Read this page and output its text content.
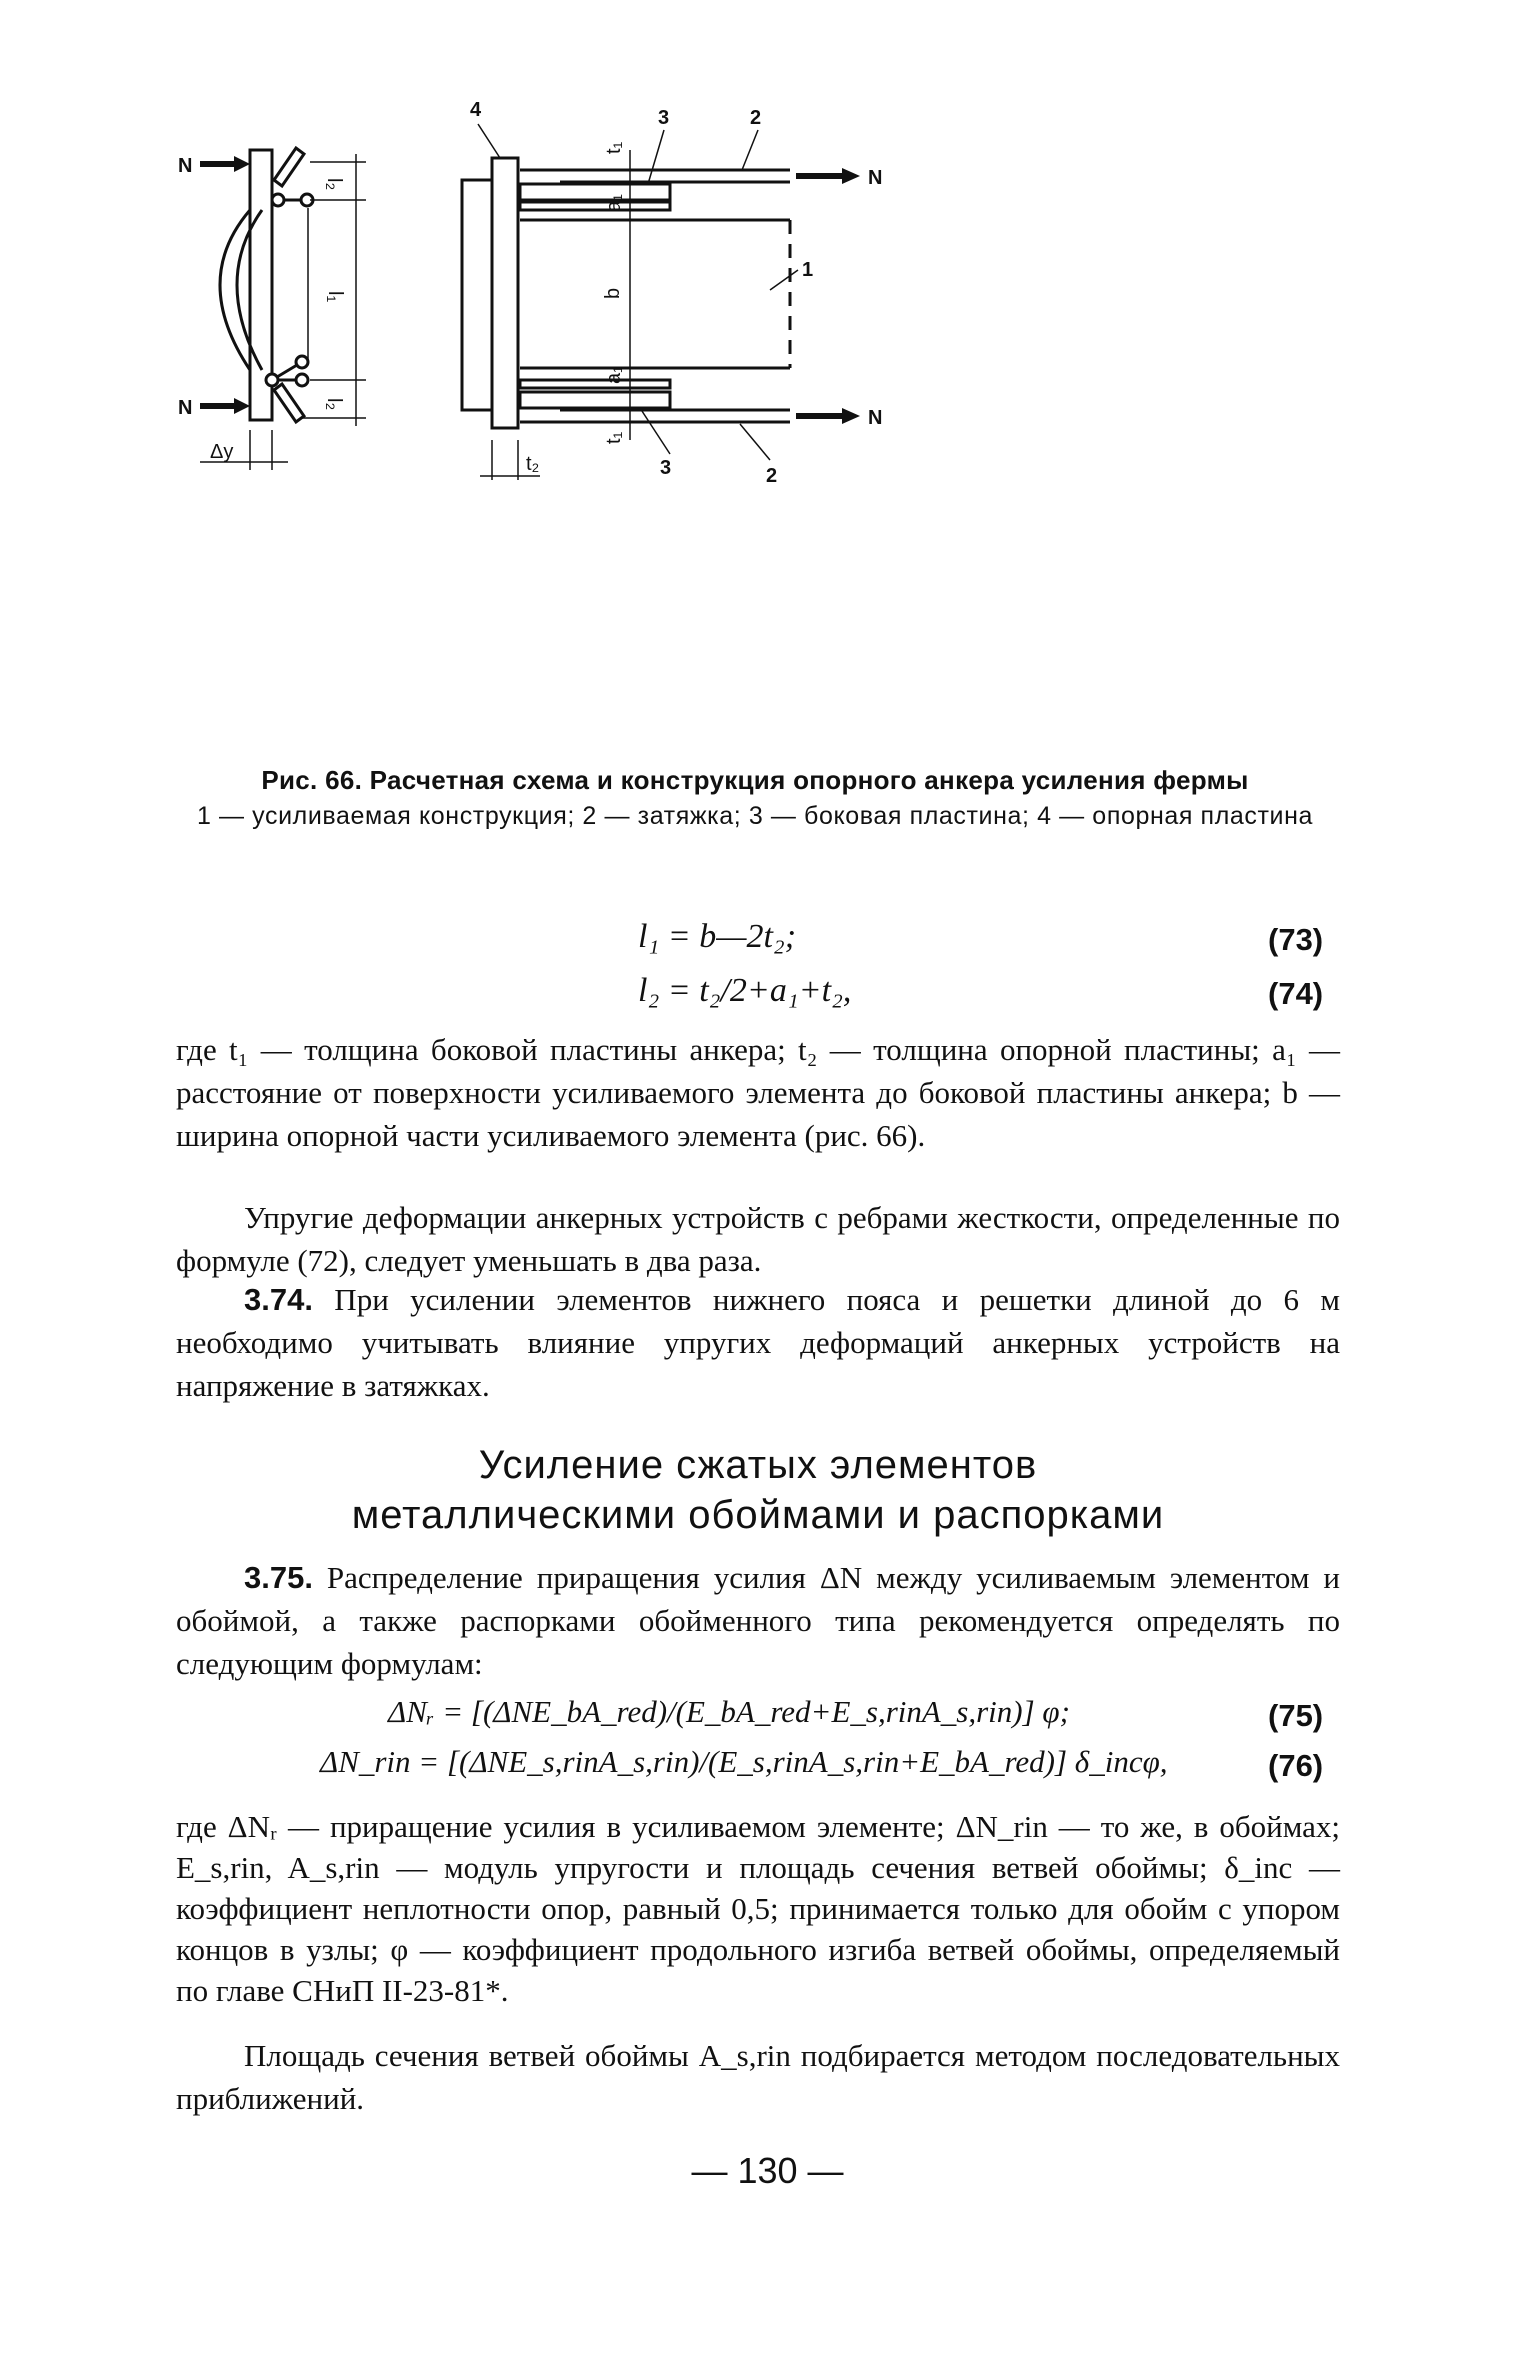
N
N
l₂
l₁
l₂
Δy
4	3	2
N
t₁
a₁
b
1
a₁
t₁
t₂	3	2
N
Рис. 66. Расчетная схема и конструкция опорного анкера усиления фермы
1 — усиливаемая конструкция; 2 — затяжка; 3 — боковая пластина; 4 — опорная пластина
l₁ = b—2t₂;	(73)
l₂ = t₂/2+a₁+t₂,	(74)
где t₁ — толщина боковой пластины анкера; t₂ — толщина опорной пластины; a₁ — расстояние от поверхности усиливаемого элемента до боковой пластины анкера; b — ширина опорной части усиливаемого элемента (рис. 66).
Упругие деформации анкерных устройств с ребрами жесткости, определенные по формуле (72), следует уменьшать в два раза.
3.74. При усилении элементов нижнего пояса и решетки длиной до 6 м необходимо учитывать влияние упругих деформаций анкерных устройств на напряжение в затяжках.
Усиление сжатых элементов
металлическими обоймами и распорками
3.75. Распределение приращения усилия ΔN между усиливаемым элементом и обоймой, а также распорками обойменного типа рекомендуется определять по следующим формулам:
ΔNᵣ = [(ΔNE_bA_red)/(E_bA_red+E_s,rinA_s,rin)] φ;	(75)
ΔN_rin = [(ΔNE_s,rinA_s,rin)/(E_s,rinA_s,rin+E_bA_red)] δ_incφ,	(76)
где ΔNᵣ — приращение усилия в усиливаемом элементе; ΔN_rin — то же, в обоймах; E_s,rin, A_s,rin — модуль упругости и площадь сечения ветвей обоймы; δ_inc — коэффициент неплотности опор, равный 0,5; принимается только для обойм с упором концов в узлы; φ — коэффициент продольного изгиба ветвей обоймы, определяемый по главе СНиП II-23-81*.
Площадь сечения ветвей обоймы A_s,rin подбирается методом последовательных приближений.
— 130 —
